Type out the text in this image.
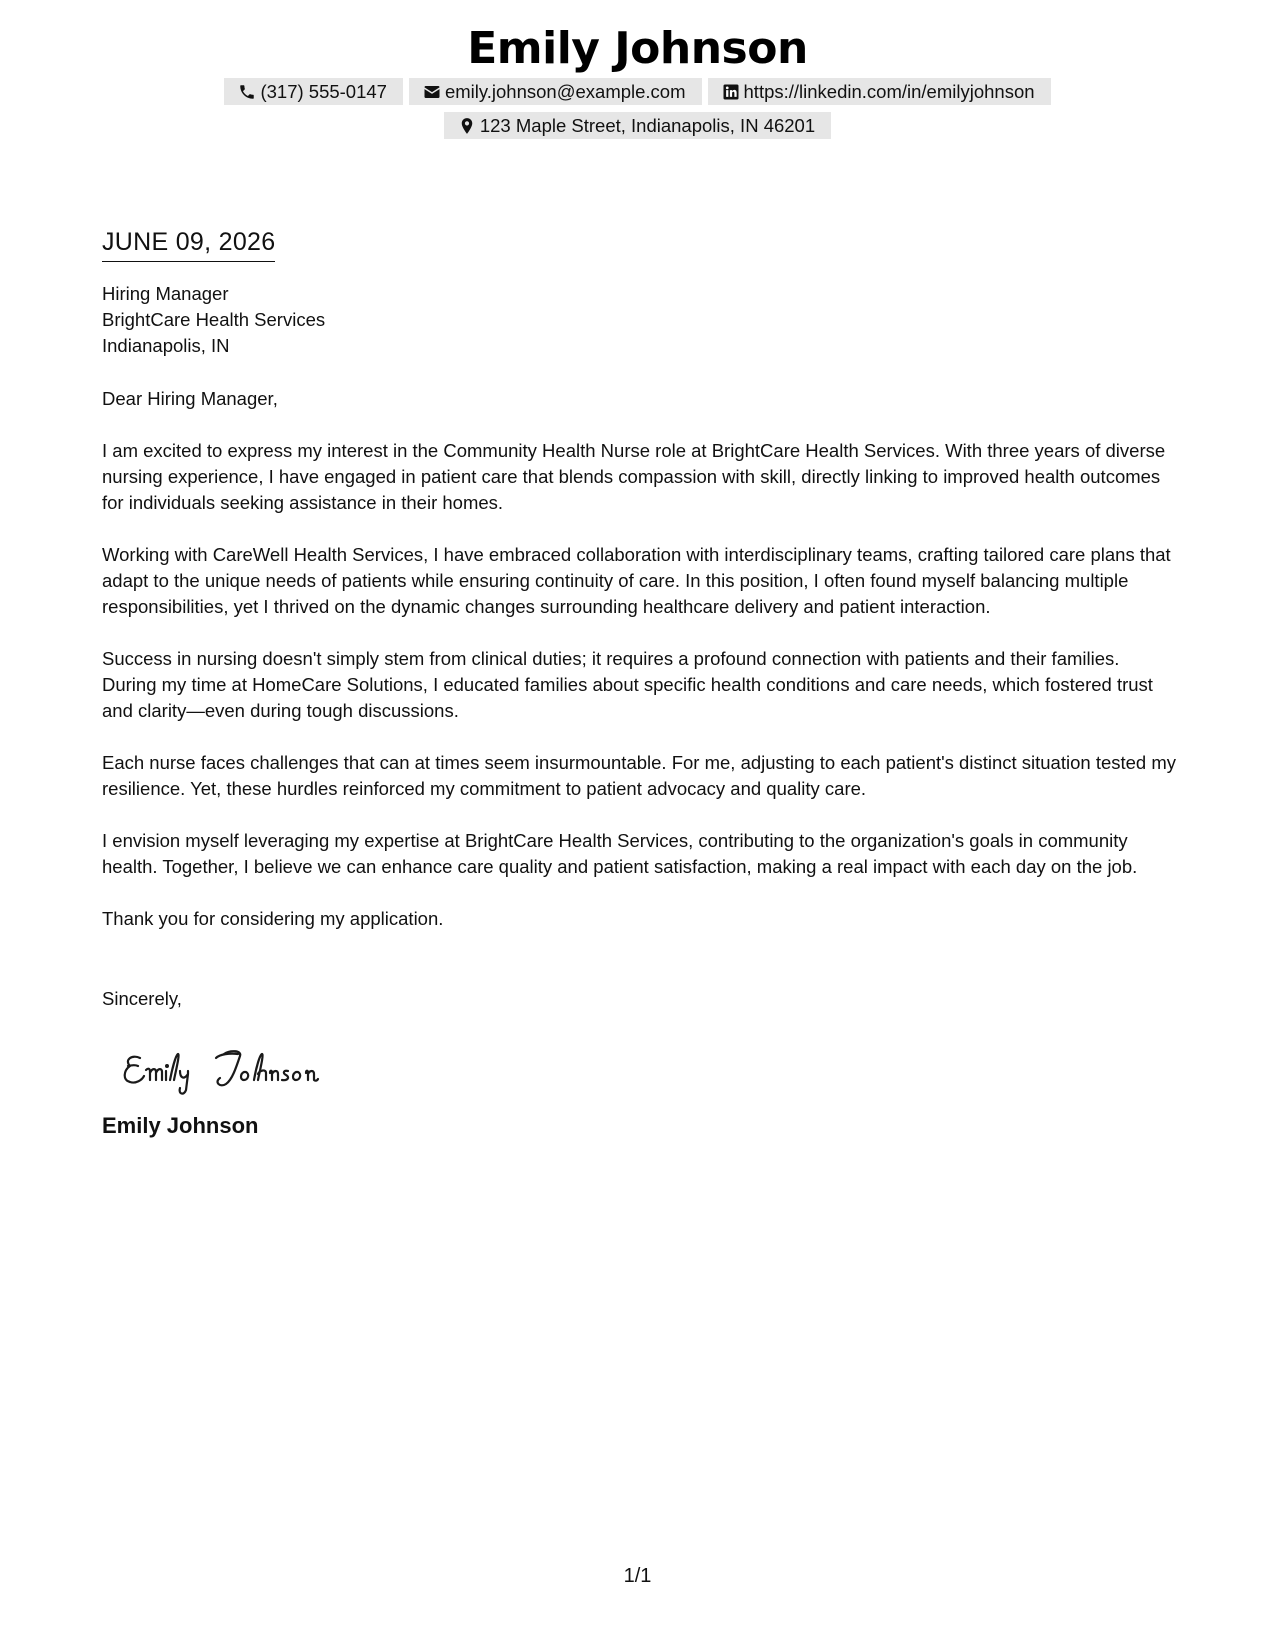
Emily Johnson
(317) 555-0147	emily.johnson@example.com	https://linkedin.com/in/emilyjohnson
123 Maple Street, Indianapolis, IN 46201
JUNE 09, 2026
Hiring Manager
BrightCare Health Services
Indianapolis, IN
Dear Hiring Manager,

I am excited to express my interest in the Community Health Nurse role at BrightCare Health Services. With three years of diverse nursing experience, I have engaged in patient care that blends compassion with skill, directly linking to improved health outcomes for individuals seeking assistance in their homes.

Working with CareWell Health Services, I have embraced collaboration with interdisciplinary teams, crafting tailored care plans that adapt to the unique needs of patients while ensuring continuity of care. In this position, I often found myself balancing multiple responsibilities, yet I thrived on the dynamic changes surrounding healthcare delivery and patient interaction.

Success in nursing doesn't simply stem from clinical duties; it requires a profound connection with patients and their families. During my time at HomeCare Solutions, I educated families about specific health conditions and care needs, which fostered trust and clarity—even during tough discussions.

Each nurse faces challenges that can at times seem insurmountable. For me, adjusting to each patient's distinct situation tested my resilience. Yet, these hurdles reinforced my commitment to patient advocacy and quality care.

I envision myself leveraging my expertise at BrightCare Health Services, contributing to the organization's goals in community health. Together, I believe we can enhance care quality and patient satisfaction, making a real impact with each day on the job.

Thank you for considering my application.

Sincerely,
Emily Johnson
1/1
